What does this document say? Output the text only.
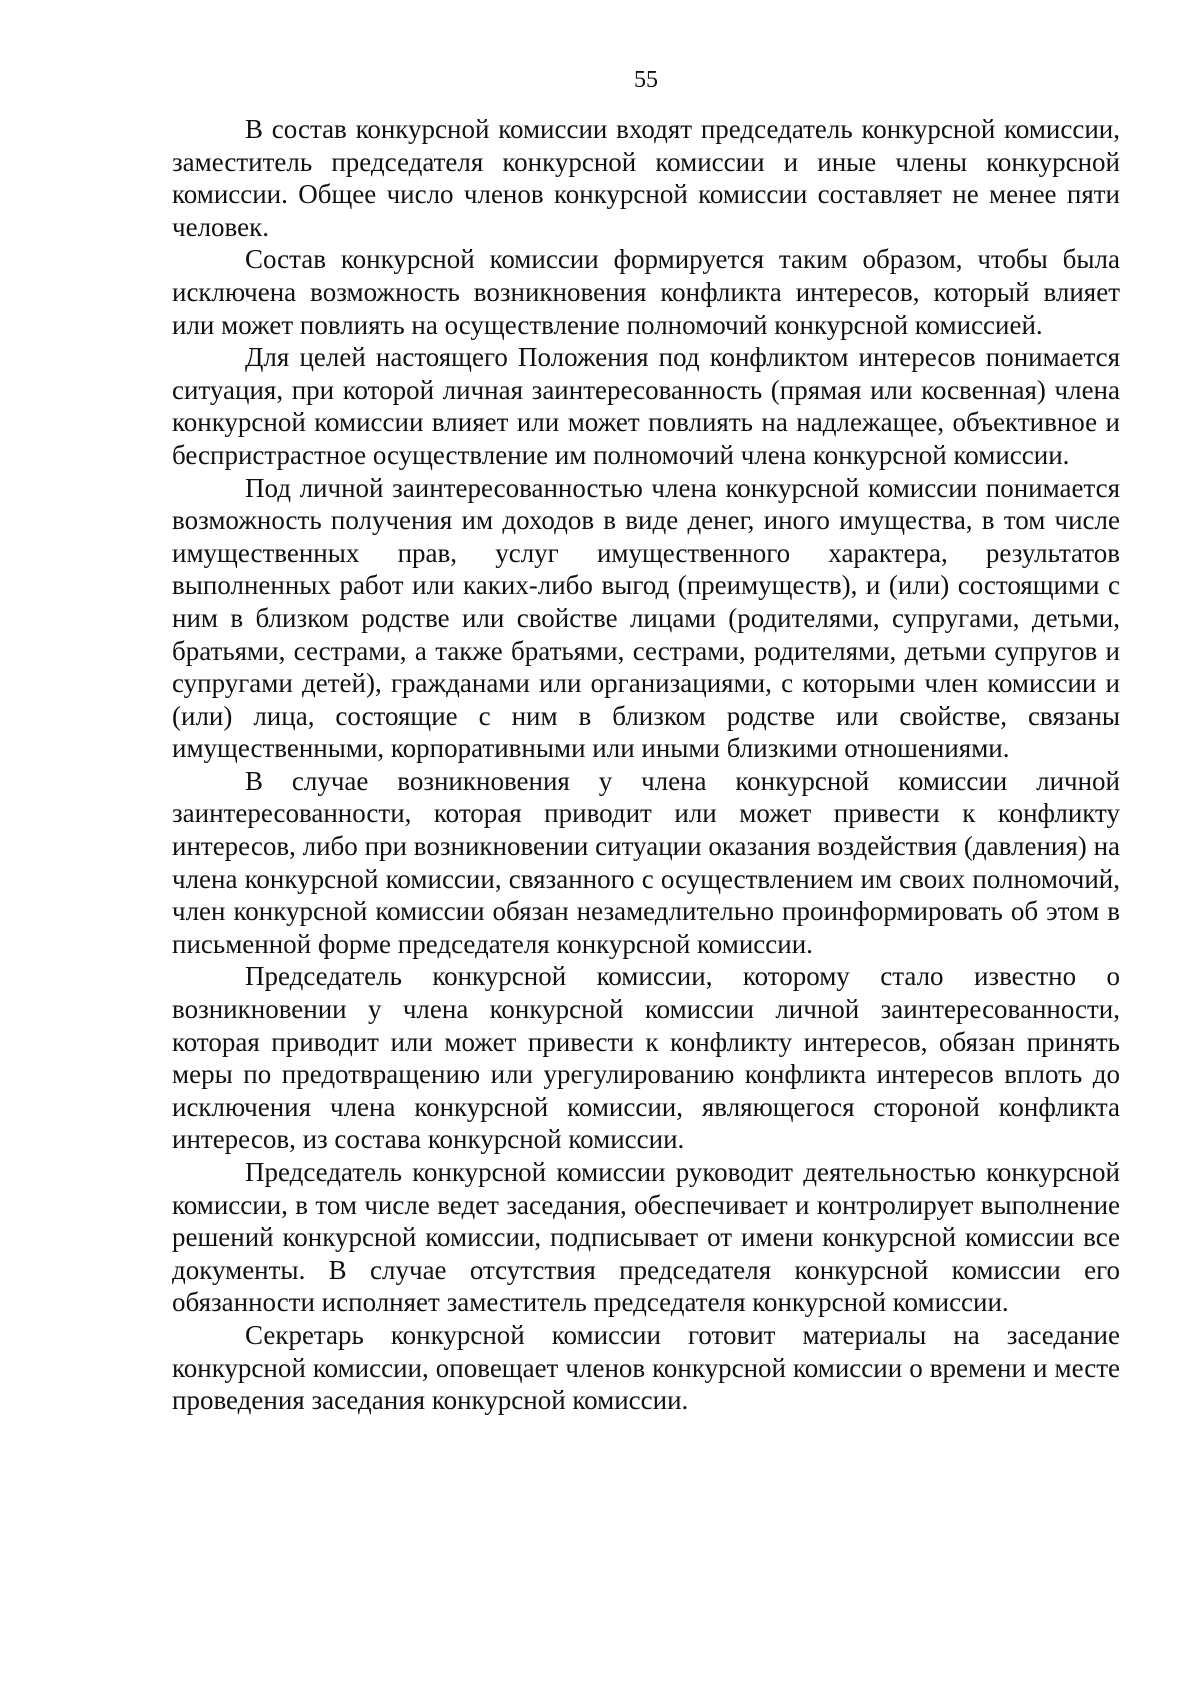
55

В состав конкурсной комиссии входят председатель конкурсной комиссии, заместитель председателя конкурсной комиссии и иные члены конкурсной комиссии. Общее число членов конкурсной комиссии составляет не менее пяти человек.

Состав конкурсной комиссии формируется таким образом, чтобы была исключена возможность возникновения конфликта интересов, который влияет или может повлиять на осуществление полномочий конкурсной комиссией.

Для целей настоящего Положения под конфликтом интересов понимается ситуация, при которой личная заинтересованность (прямая или косвенная) члена конкурсной комиссии влияет или может повлиять на надлежащее, объективное и беспристрастное осуществление им полномочий члена конкурсной комиссии.

Под личной заинтересованностью члена конкурсной комиссии понимается возможность получения им доходов в виде денег, иного имущества, в том числе имущественных прав, услуг имущественного характера, результатов выполненных работ или каких-либо выгод (преимуществ), и (или) состоящими с ним в близком родстве или свойстве лицами (родителями, супругами, детьми, братьями, сестрами, а также братьями, сестрами, родителями, детьми супругов и супругами детей), гражданами или организациями, с которыми член комиссии и (или) лица, состоящие с ним в близком родстве или свойстве, связаны имущественными, корпоративными или иными близкими отношениями.

В случае возникновения у члена конкурсной комиссии личной заинтересованности, которая приводит или может привести к конфликту интересов, либо при возникновении ситуации оказания воздействия (давления) на члена конкурсной комиссии, связанного с осуществлением им своих полномочий, член конкурсной комиссии обязан незамедлительно проинформировать об этом в письменной форме председателя конкурсной комиссии.

Председатель конкурсной комиссии, которому стало известно о возникновении у члена конкурсной комиссии личной заинтересованности, которая приводит или может привести к конфликту интересов, обязан принять меры по предотвращению или урегулированию конфликта интересов вплоть до исключения члена конкурсной комиссии, являющегося стороной конфликта интересов, из состава конкурсной комиссии.

Председатель конкурсной комиссии руководит деятельностью конкурсной комиссии, в том числе ведет заседания, обеспечивает и контролирует выполнение решений конкурсной комиссии, подписывает от имени конкурсной комиссии все документы. В случае отсутствия председателя конкурсной комиссии его обязанности исполняет заместитель председателя конкурсной комиссии.

Секретарь конкурсной комиссии готовит материалы на заседание конкурсной комиссии, оповещает членов конкурсной комиссии о времени и месте проведения заседания конкурсной комиссии.
